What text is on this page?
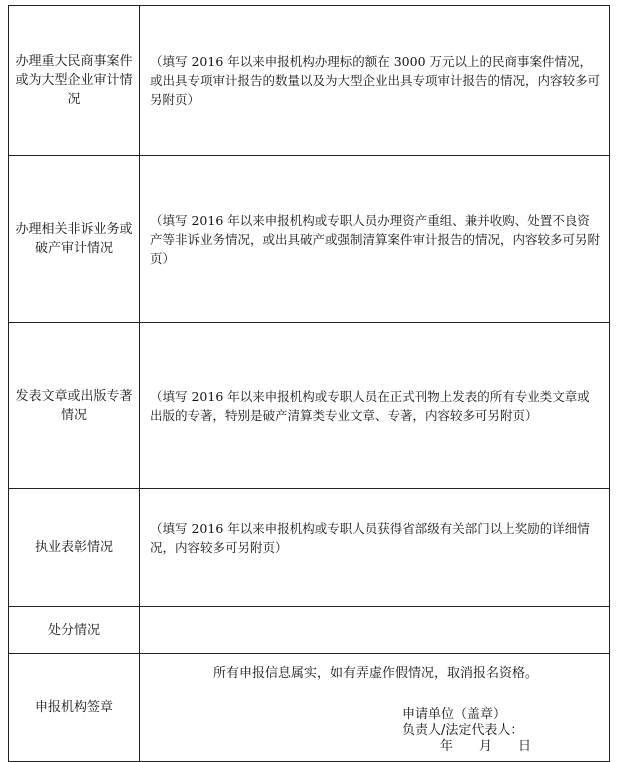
办理重大民商事案件或为大型企业审计情况	（填写 2016 年以来申报机构办理标的额在 3000 万元以上的民商事案件情况，或出具专项审计报告的数量以及为大型企业出具专项审计报告的情况，内容较多可另附页）
办理相关非诉业务或破产审计情况	（填写 2016 年以来申报机构或专职人员办理资产重组、兼并收购、处置不良资产等非诉业务情况，或出具破产或强制清算案件审计报告的情况，内容较多可另附页）
发表文章或出版专著情况	（填写 2016 年以来申报机构或专职人员在正式刊物上发表的所有专业类文章或出版的专著，特别是破产清算类专业文章、专著，内容较多可另附页）
执业表彰情况	（填写 2016 年以来申报机构或专职人员获得省部级有关部门以上奖励的详细情况，内容较多可另附页）
处分情况	
申报机构签章	所有申报信息属实，如有弄虚作假情况，取消报名资格。
申请单位（盖章）
负责人/法定代表人：
年　　月　　日
